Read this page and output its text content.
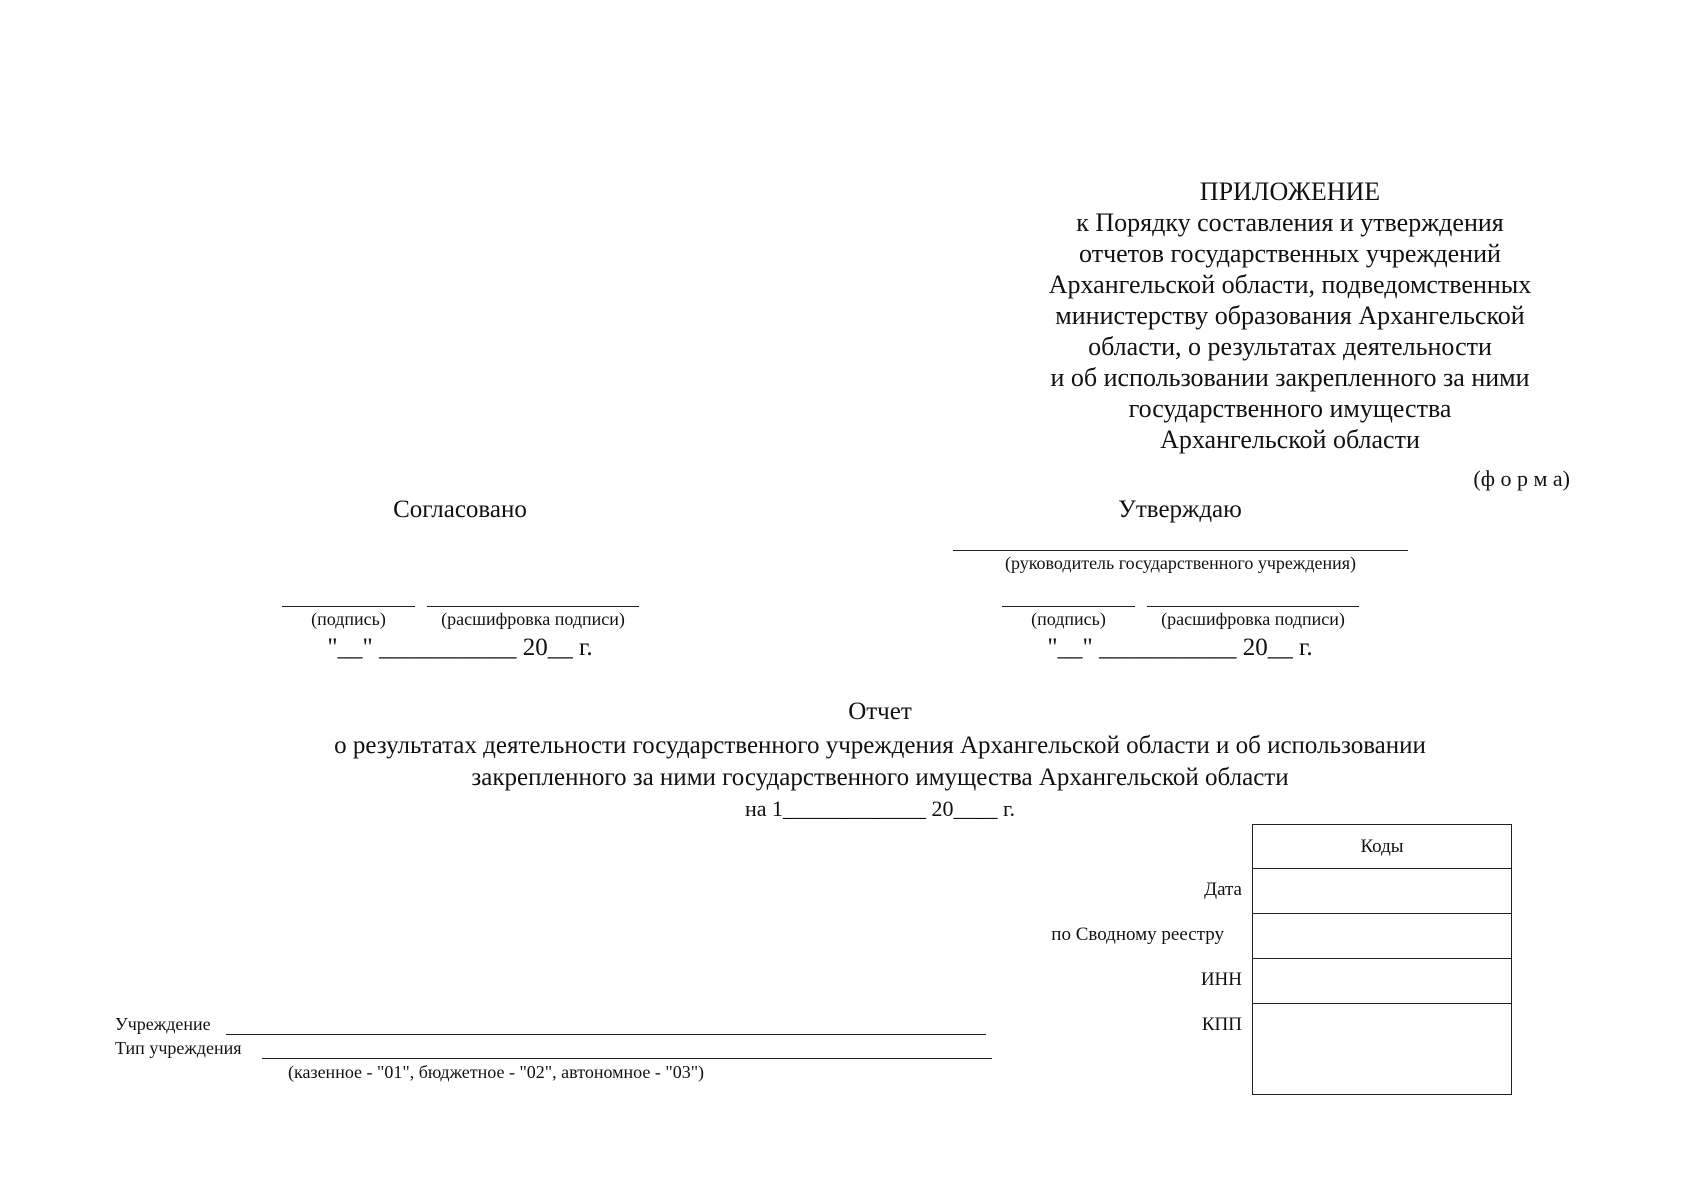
ПРИЛОЖЕНИЕ
к Порядку составления и утверждения
отчетов государственных учреждений
Архангельской области, подведомственных
министерству образования Архангельской
области, о результатах деятельности
и об использовании закрепленного за ними
государственного имущества
Архангельской области
(ф о р м а)
Согласовано
(подпись)	(расшифровка подписи)
"__" ___________ 20__ г.
Утверждаю
(руководитель государственного учреждения)
(подпись)	(расшифровка подписи)
"__" ___________ 20__ г.
Отчет
о результатах деятельности государственного учреждения Архангельской области и об использовании
закрепленного за ними государственного имущества Архангельской области
на 1_____________ 20____ г.
Коды

Дата
по Сводному реестру
ИНН
КПП
Учреждение
Тип учреждения
(казенное - "01", бюджетное - "02", автономное - "03")
